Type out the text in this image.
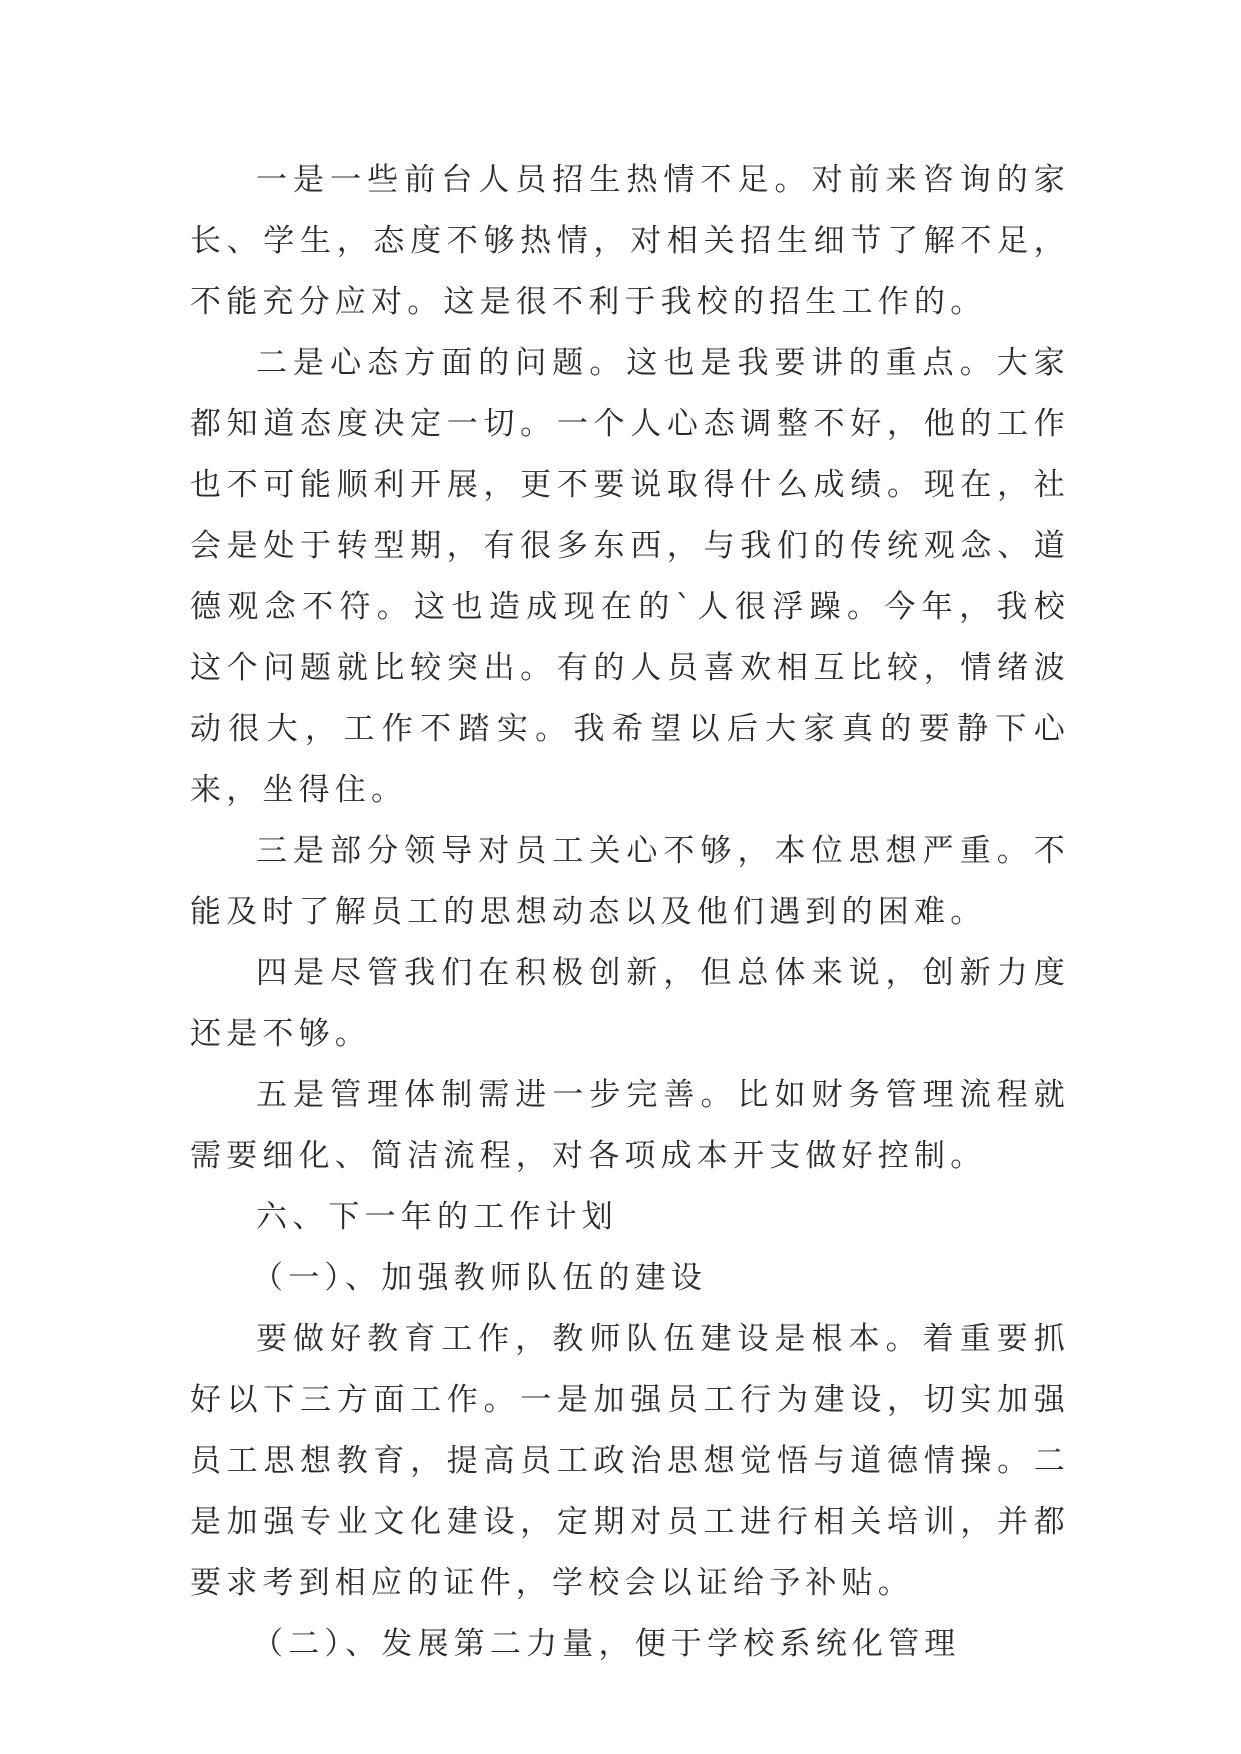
一是一些前台人员招生热情不足。对前来咨询的家长、学生，态度不够热情，对相关招生细节了解不足，不能充分应对。这是很不利于我校的招生工作的。

二是心态方面的问题。这也是我要讲的重点。大家都知道态度决定一切。一个人心态调整不好，他的工作也不可能顺利开展，更不要说取得什么成绩。现在，社会是处于转型期，有很多东西，与我们的传统观念、道德观念不符。这也造成现在的`人很浮躁。今年，我校这个问题就比较突出。有的人员喜欢相互比较，情绪波动很大，工作不踏实。我希望以后大家真的要静下心来，坐得住。

三是部分领导对员工关心不够，本位思想严重。不能及时了解员工的思想动态以及他们遇到的困难。

四是尽管我们在积极创新，但总体来说，创新力度还是不够。

五是管理体制需进一步完善。比如财务管理流程就需要细化、简洁流程，对各项成本开支做好控制。

六、下一年的工作计划

（一）、加强教师队伍的建设

要做好教育工作，教师队伍建设是根本。着重要抓好以下三方面工作。一是加强员工行为建设，切实加强员工思想教育，提高员工政治思想觉悟与道德情操。二是加强专业文化建设，定期对员工进行相关培训，并都要求考到相应的证件，学校会以证给予补贴。

（二）、发展第二力量，便于学校系统化管理
